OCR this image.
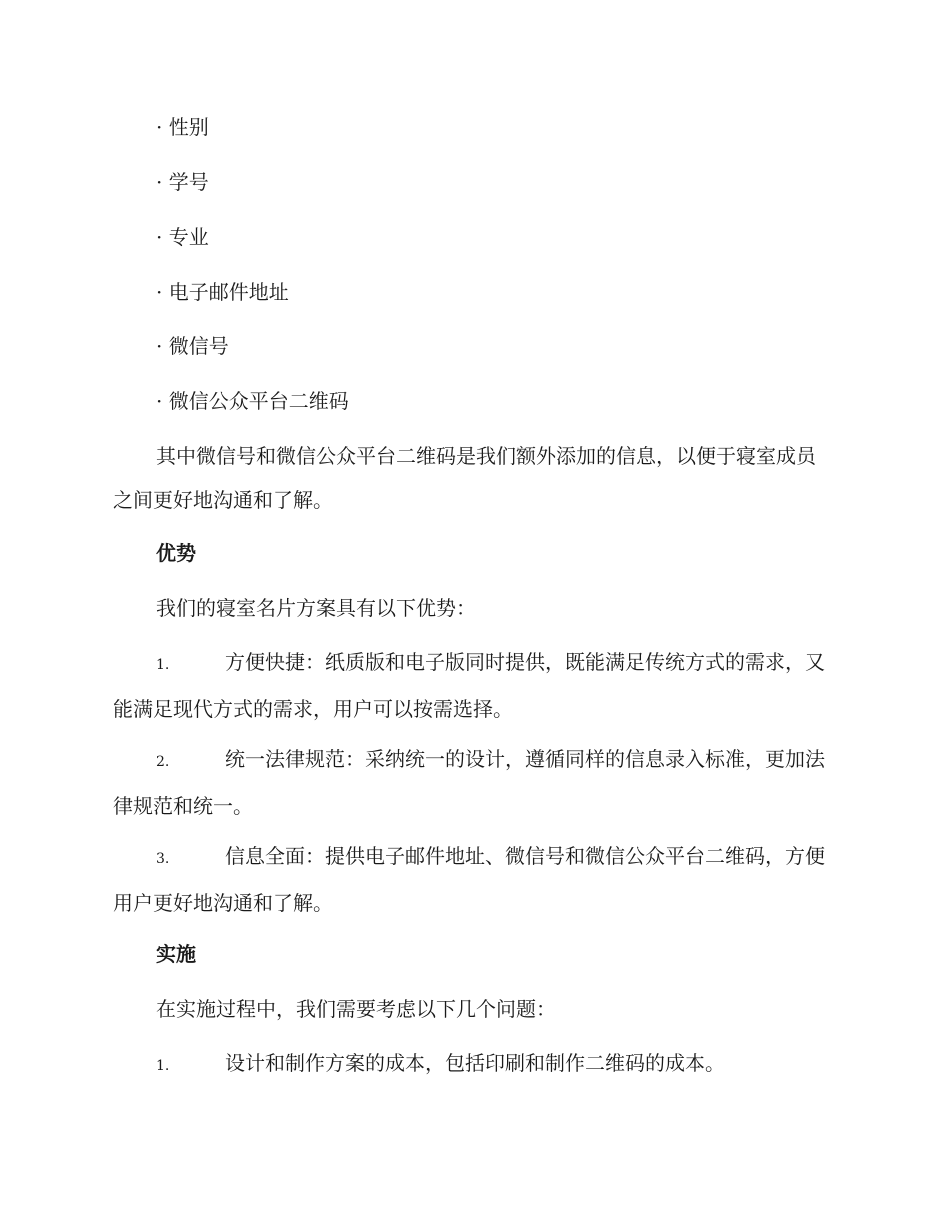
· 性别
· 学号
· 专业
· 电子邮件地址
· 微信号
· 微信公众平台二维码
其中微信号和微信公众平台二维码是我们额外添加的信息，以便于寝室成员之间更好地沟通和了解。
优势
我们的寝室名片方案具有以下优势：
1.	方便快捷：纸质版和电子版同时提供，既能满足传统方式的需求，又能满足现代方式的需求，用户可以按需选择。
2.	统一法律规范：采纳统一的设计，遵循同样的信息录入标准，更加法律规范和统一。
3.	信息全面：提供电子邮件地址、微信号和微信公众平台二维码，方便用户更好地沟通和了解。
实施
在实施过程中，我们需要考虑以下几个问题：
1.	设计和制作方案的成本，包括印刷和制作二维码的成本。
